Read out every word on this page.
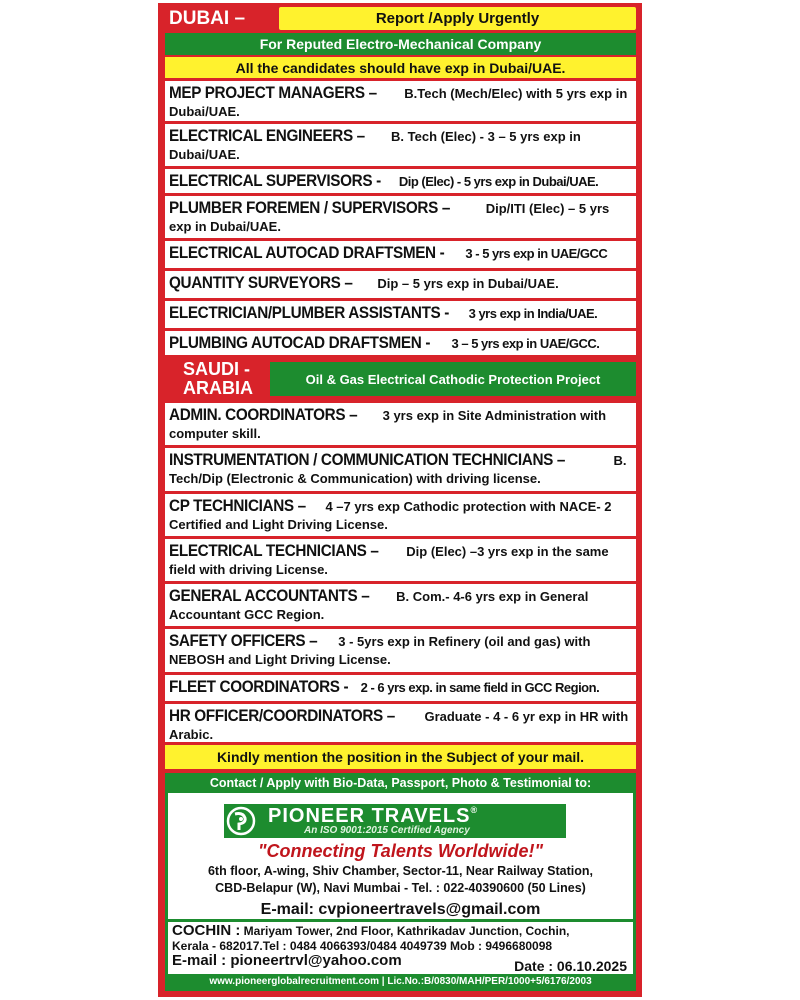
DUBAI –	Report /Apply Urgently
For Reputed Electro-Mechanical Company
All the candidates should have exp in Dubai/UAE.
MEP PROJECT MANAGERS – B.Tech (Mech/Elec) with 5 yrs exp in Dubai/UAE.
ELECTRICAL ENGINEERS – B. Tech (Elec) - 3 – 5 yrs exp in Dubai/UAE.
ELECTRICAL SUPERVISORS - Dip (Elec) - 5 yrs exp in Dubai/UAE.
PLUMBER FOREMEN / SUPERVISORS –	Dip/ITI (Elec) – 5 yrs exp in Dubai/UAE.
ELECTRICAL AUTOCAD DRAFTSMEN - 3 - 5 yrs exp in UAE/GCC
QUANTITY SURVEYORS – Dip – 5 yrs exp in Dubai/UAE.
ELECTRICIAN/PLUMBER ASSISTANTS - 3 yrs exp in India/UAE.
PLUMBING AUTOCAD DRAFTSMEN - 3 – 5 yrs exp in UAE/GCC.
SAUDI -
ARABIA	Oil & Gas Electrical Cathodic Protection Project
ADMIN. COORDINATORS – 3 yrs exp in Site Administration with computer skill.
INSTRUMENTATION / COMMUNICATION TECHNICIANS –	B. Tech/Dip (Electronic & Communication) with driving license.
CP TECHNICIANS – 4 –7 yrs exp Cathodic protection with NACE- 2 Certified and Light Driving License.
ELECTRICAL TECHNICIANS – Dip (Elec) –3 yrs exp in the same field with driving License.
GENERAL ACCOUNTANTS – B. Com.- 4-6 yrs exp in General Accountant GCC Region.
SAFETY OFFICERS – 3 - 5yrs exp in Refinery (oil and gas) with NEBOSH and Light Driving License.
FLEET COORDINATORS - 2 - 6 yrs exp. in same field in GCC Region.
HR OFFICER/COORDINATORS – Graduate - 4 - 6 yr exp in HR with Arabic.
Kindly mention the position in the Subject of your mail.
Contact / Apply with Bio-Data, Passport, Photo & Testimonial to:
PIONEER TRAVELS®
An ISO 9001:2015 Certified Agency
"Connecting Talents Worldwide!"
6th floor, A-wing, Shiv Chamber, Sector-11, Near Railway Station,
CBD-Belapur (W), Navi Mumbai - Tel. : 022-40390600 (50 Lines)
E-mail: cvpioneertravels@gmail.com
COCHIN : Mariyam Tower, 2nd Floor, Kathrikadav Junction, Cochin,
Kerala - 682017.Tel : 0484 4066393/0484 4049739 Mob : 9496680098
E-mail : pioneertrvl@yahoo.com	Date : 06.10.2025
www.pioneerglobalrecruitment.com | Lic.No.:B/0830/MAH/PER/1000+5/6176/2003
